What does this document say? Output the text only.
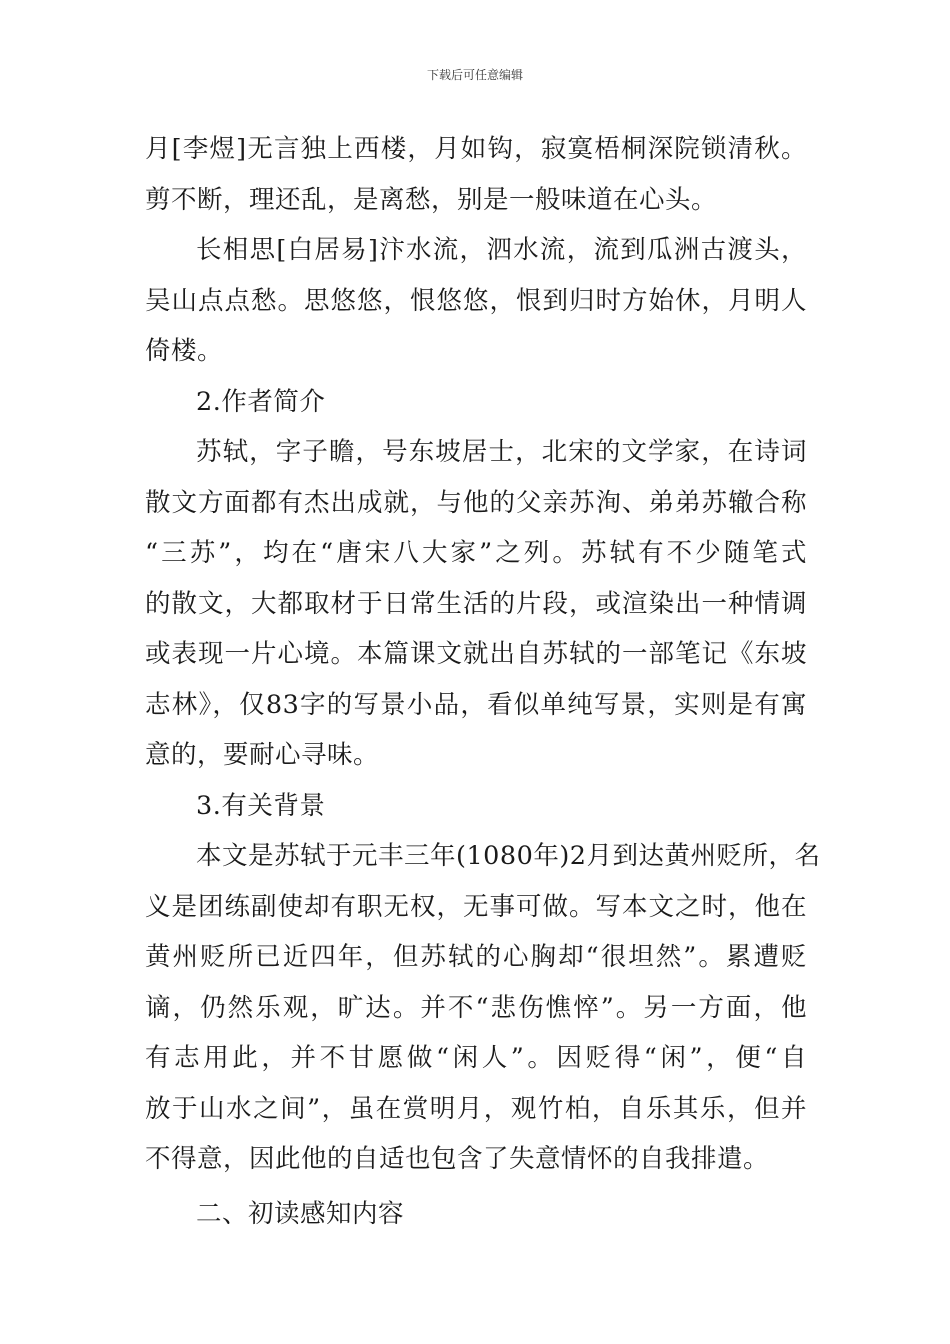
下载后可任意编辑
月[李煜]无言独上西楼，月如钩，寂寞梧桐深院锁清秋。
剪不断，理还乱，是离愁，别是一般味道在心头。
长相思[白居易]汴水流，泗水流，流到瓜洲古渡头，
吴山点点愁。思悠悠，恨悠悠，恨到归时方始休，月明人
倚楼。
2.作者简介
苏轼，字子瞻，号东坡居士，北宋的文学家，在诗词
散文方面都有杰出成就，与他的父亲苏洵、弟弟苏辙合称
“三苏”，均在“唐宋八大家”之列。苏轼有不少随笔式
的散文，大都取材于日常生活的片段，或渲染出一种情调
或表现一片心境。本篇课文就出自苏轼的一部笔记《东坡
志林》，仅83字的写景小品，看似单纯写景，实则是有寓
意的，要耐心寻味。
3.有关背景
本文是苏轼于元丰三年(1080年)2月到达黄州贬所，名
义是团练副使却有职无权，无事可做。写本文之时，他在
黄州贬所已近四年，但苏轼的心胸却“很坦然”。累遭贬
谪，仍然乐观，旷达。并不“悲伤憔悴”。另一方面，他
有志用此，并不甘愿做“闲人”。因贬得“闲”，便“自
放于山水之间”，虽在赏明月，观竹柏，自乐其乐，但并
不得意，因此他的自适也包含了失意情怀的自我排遣。
二、初读感知内容
